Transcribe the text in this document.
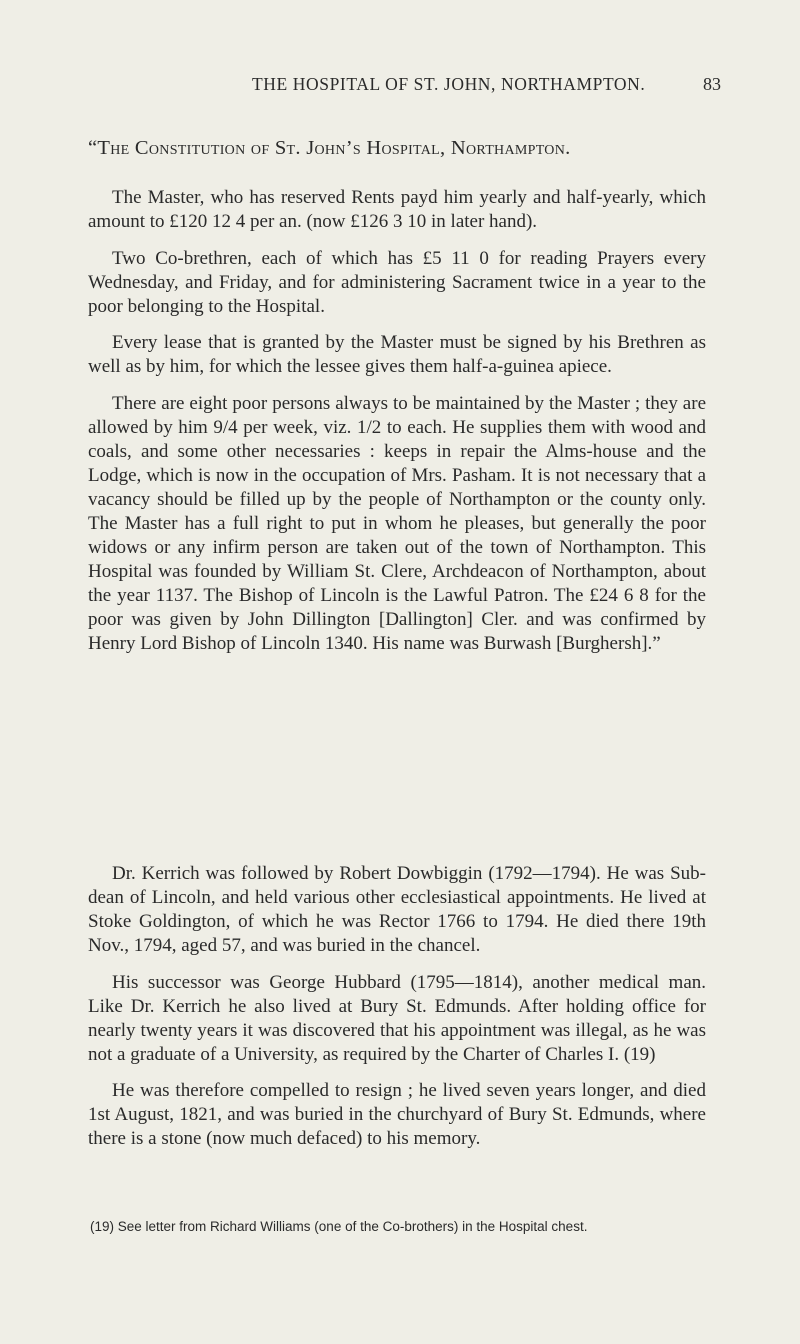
THE HOSPITAL OF ST. JOHN, NORTHAMPTON.	83
“The Constitution of St. John’s Hospital, Northampton.

The Master, who has reserved Rents payd him yearly and half-yearly, which amount to £120 12 4 per an. (now £126 3 10 in later hand).

Two Co-brethren, each of which has £5 11 0 for reading Prayers every Wednesday, and Friday, and for administering Sacrament twice in a year to the poor belonging to the Hospital.

Every lease that is granted by the Master must be signed by his Brethren as well as by him, for which the lessee gives them half-a-guinea apiece.

There are eight poor persons always to be maintained by the Master ; they are allowed by him 9/4 per week, viz. 1/2 to each. He supplies them with wood and coals, and some other necessaries : keeps in repair the Alms-house and the Lodge, which is now in the occupation of Mrs. Pasham. It is not necessary that a vacancy should be filled up by the people of Northampton or the county only. The Master has a full right to put in whom he pleases, but generally the poor widows or any infirm person are taken out of the town of Northampton. This Hospital was founded by William St. Clere, Archdeacon of Northampton, about the year 1137. The Bishop of Lincoln is the Lawful Patron. The £24 6 8 for the poor was given by John Dillington [Dallington] Cler. and was confirmed by Henry Lord Bishop of Lincoln 1340. His name was Burwash [Burghersh].”

Dr. Kerrich was followed by Robert Dowbiggin (1792—1794). He was Sub-dean of Lincoln, and held various other ecclesiastical appointments. He lived at Stoke Goldington, of which he was Rector 1766 to 1794. He died there 19th Nov., 1794, aged 57, and was buried in the chancel.

His successor was George Hubbard (1795—1814), another medical man. Like Dr. Kerrich he also lived at Bury St. Edmunds. After holding office for nearly twenty years it was discovered that his appointment was illegal, as he was not a graduate of a University, as required by the Charter of Charles I. (19)

He was therefore compelled to resign ; he lived seven years longer, and died 1st August, 1821, and was buried in the churchyard of Bury St. Edmunds, where there is a stone (now much defaced) to his memory.

(19) See letter from Richard Williams (one of the Co-brothers) in the Hospital chest.
